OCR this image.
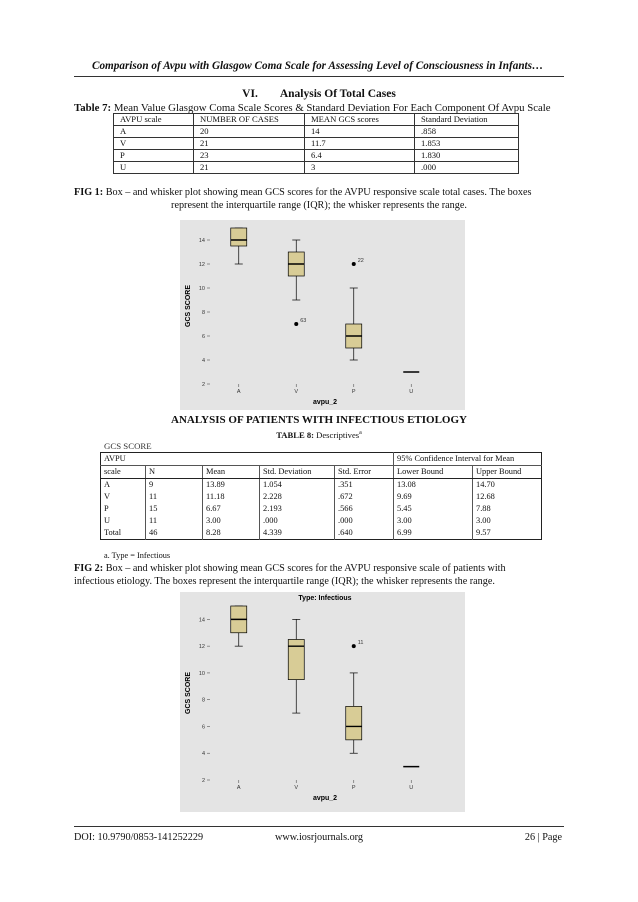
Comparison of Avpu with Glasgow Coma Scale for Assessing Level of Consciousness in Infants…
VI. Analysis Of Total Cases
Table 7: Mean Value Glasgow Coma Scale Scores & Standard Deviation For Each Component Of Avpu Scale
AVPU scale	NUMBER OF CASES	MEAN GCS scores	Standard Deviation
A	20	14	.858
V	21	11.7	1.853
P	23	6.4	1.830
U	21	3	.000
FIG 1: Box – and whisker plot showing mean GCS scores for the AVPU responsive scale total cases. The boxes

represent the interquartile range (IQR); the whisker represents the range.
2
4
6
8
10
12
14
A	V	P	U
avpu_2
GCS SCORE	63
22
ANALYSIS OF PATIENTS WITH INFECTIOUS ETIOLOGY
TABLE 8: Descriptives$^a$
GCS SCORE
AVPU					95% Confidence Interval for Mean	
scale	N	Mean	Std. Deviation	Std. Error	Lower Bound	Upper Bound
A	9	13.89	1.054	.351	13.08	14.70
V	11	11.18	2.228	.672	9.69	12.68
P	15	6.67	2.193	.566	5.45	7.88
U	11	3.00	.000	.000	3.00	3.00
Total	46	8.28	4.339	.640	6.99	9.57
a. Type = Infectious
FIG 2: Box – and whisker plot showing mean GCS scores for the AVPU responsive scale of patients with
infectious etiology. The boxes represent the interquartile range (IQR); the whisker represents the range.
Type: Infectious
2
4
6
8
10
12
14
A	V	P	U
avpu_2
GCS SCORE
11
DOI: 10.9790/0853-141252229	www.iosrjournals.org	26 | Page
